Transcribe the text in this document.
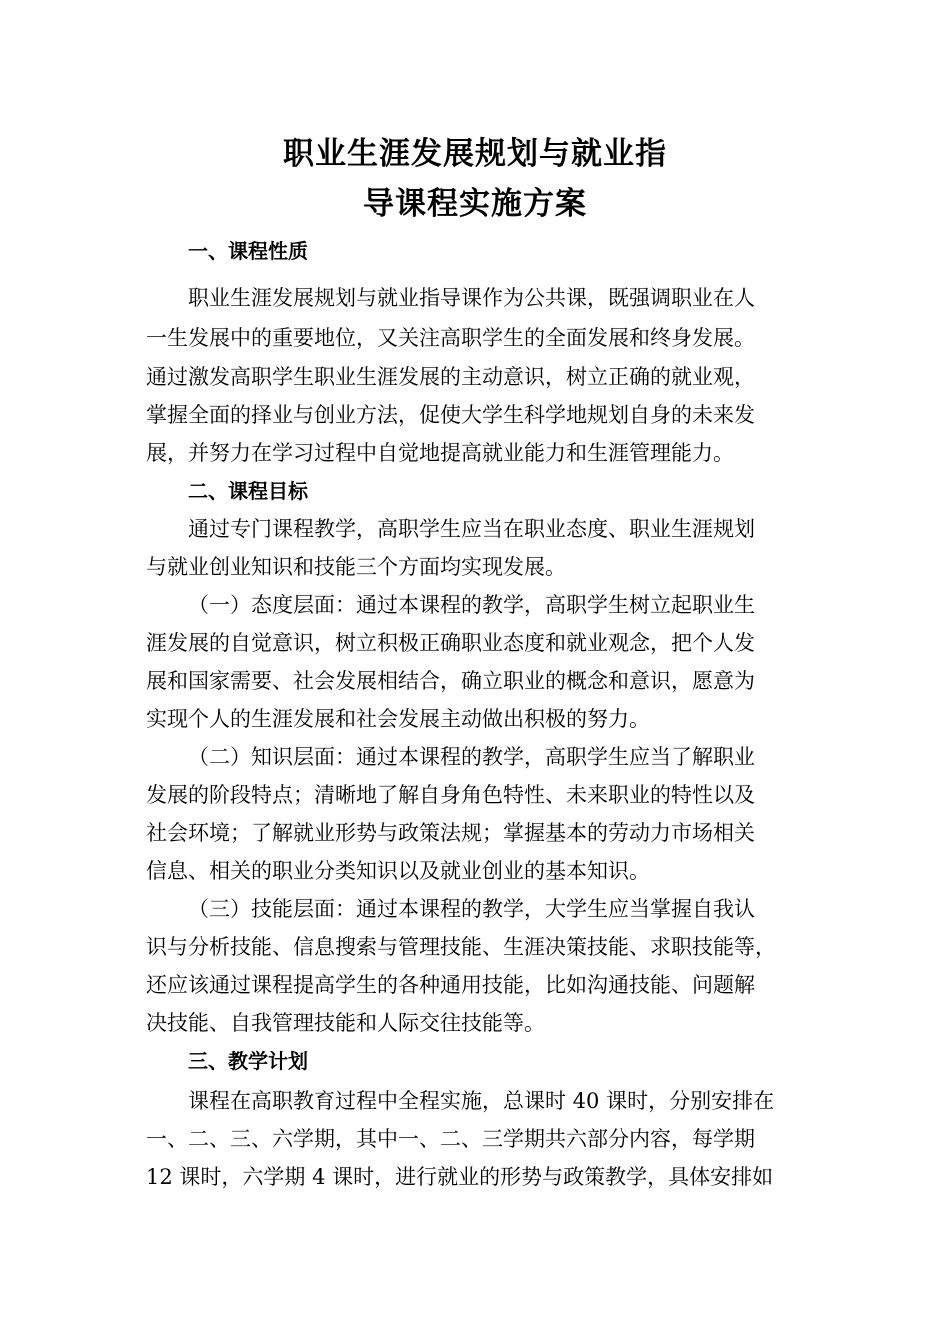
职业生涯发展规划与就业指
导课程实施方案
一、课程性质
职业生涯发展规划与就业指导课作为公共课，既强调职业在人
一生发展中的重要地位，又关注高职学生的全面发展和终身发展。
通过激发高职学生职业生涯发展的主动意识，树立正确的就业观，
掌握全面的择业与创业方法，促使大学生科学地规划自身的未来发
展，并努力在学习过程中自觉地提高就业能力和生涯管理能力。
二、课程目标
通过专门课程教学，高职学生应当在职业态度、职业生涯规划
与就业创业知识和技能三个方面均实现发展。
（一）态度层面：通过本课程的教学，高职学生树立起职业生
涯发展的自觉意识，树立积极正确职业态度和就业观念，把个人发
展和国家需要、社会发展相结合，确立职业的概念和意识，愿意为
实现个人的生涯发展和社会发展主动做出积极的努力。
（二）知识层面：通过本课程的教学，高职学生应当了解职业
发展的阶段特点；清晰地了解自身角色特性、未来职业的特性以及
社会环境；了解就业形势与政策法规；掌握基本的劳动力市场相关
信息、相关的职业分类知识以及就业创业的基本知识。
（三）技能层面：通过本课程的教学，大学生应当掌握自我认
识与分析技能、信息搜索与管理技能、生涯决策技能、求职技能等，
还应该通过课程提高学生的各种通用技能，比如沟通技能、问题解
决技能、自我管理技能和人际交往技能等。
三、教学计划
课程在高职教育过程中全程实施，总课时 40 课时，分别安排在
一、二、三、六学期，其中一、二、三学期共六部分内容，每学期
12 课时，六学期 4 课时，进行就业的形势与政策教学，具体安排如
